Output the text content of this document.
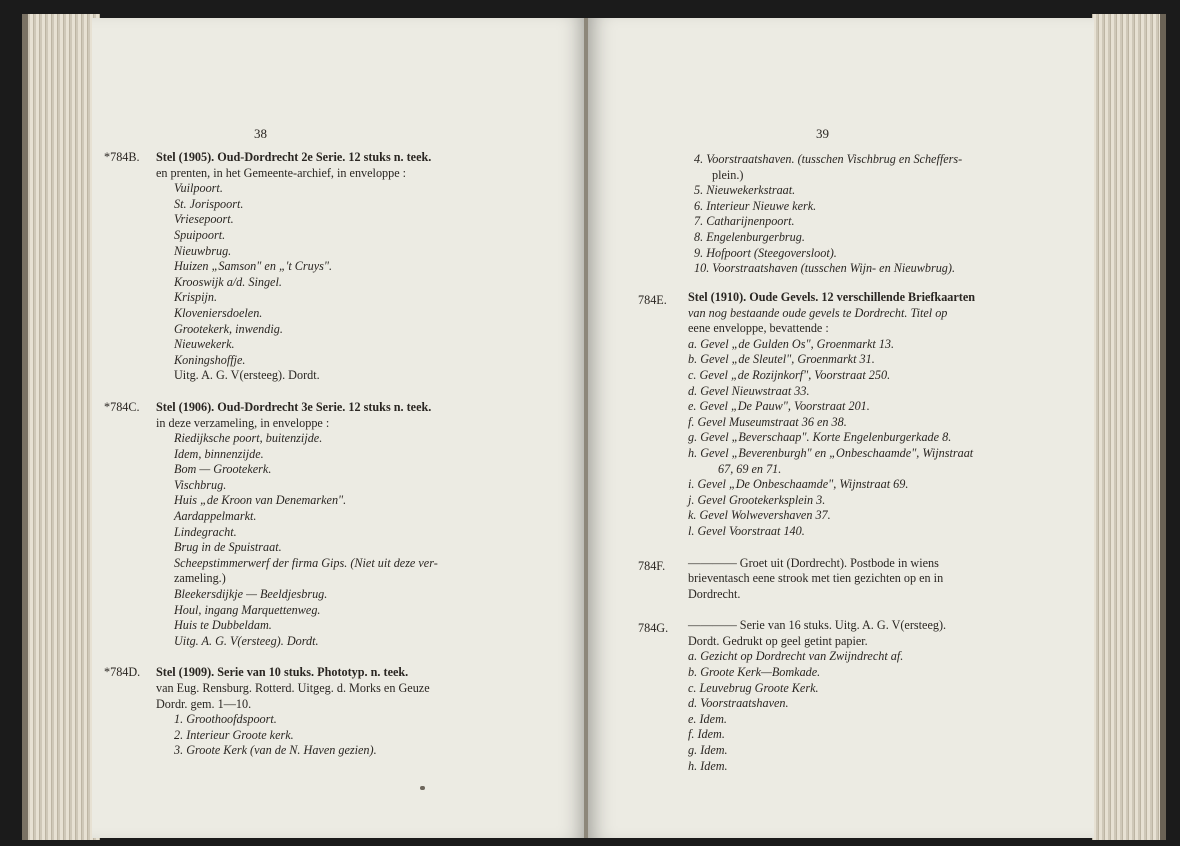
38
*784B. Stel (1905). Oud-Dordrecht 2e Serie. 12 stuks n. teek.
en prenten, in het Gemeente-archief, in enveloppe :
Vuilpoort.
St. Jorispoort.
Vriesepoort.
Spuipoort.
Nieuwbrug.
Huizen „Samson" en „'t Cruys".
Krooswijk a/d. Singel.
Krispijn.
Kloveniersdoelen.
Grootekerk, inwendig.
Nieuwekerk.
Koningshoffje.
Uitg. A. G. V(ersteeg). Dordt.
*784C. Stel (1906). Oud-Dordrecht 3e Serie. 12 stuks n. teek.
in deze verzameling, in enveloppe :
Riedijksche poort, buitenzijde.
Idem, binnenzijde.
Bom — Grootekerk.
Vischbrug.
Huis „de Kroon van Denemarken".
Aardappelmarkt.
Lindegracht.
Brug in de Spuistraat.
Scheepstimmerwerf der firma Gips. (Niet uit deze ver-
zameling.)
Bleekersdijkje — Beeldjesbrug.
Houl, ingang Marquettenweg.
Huis te Dubbeldam.
Uitg. A. G. V(ersteeg). Dordt.
*784D. Stel (1909). Serie van 10 stuks. Phototyp. n. teek.
van Eug. Rensburg. Rotterd. Uitgeg. d. Morks en Geuze
Dordr. gem. 1—10.
1. Groothoofdspoort.
2. Interieur Groote kerk.
3. Groote Kerk (van de N. Haven gezien).
39
4. Voorstraatshaven. (tusschen Vischbrug en Scheffers-
plein.)
5. Nieuwekerkstraat.
6. Interieur Nieuwe kerk.
7. Catharijnenpoort.
8. Engelenburgerbrug.
9. Hofpoort (Steegoversloot).
10. Voorstraatshaven (tusschen Wijn- en Nieuwbrug).
784E. Stel (1910). Oude Gevels. 12 verschillende Briefkaarten
van nog bestaande oude gevels te Dordrecht. Titel op
eene enveloppe, bevattende :
a. Gevel „de Gulden Os", Groenmarkt 13.
b. Gevel „de Sleutel", Groenmarkt 31.
c. Gevel „de Rozijnkorf", Voorstraat 250.
d. Gevel Nieuwstraat 33.
e. Gevel „De Pauw", Voorstraat 201.
f. Gevel Museumstraat 36 en 38.
g. Gevel „Beverschaap". Korte Engelenburgerkade 8.
h. Gevel „Beverenburgh" en „Onbeschaamde", Wijnstraat
67, 69 en 71.
i. Gevel „De Onbeschaamde", Wijnstraat 69.
j. Gevel Grootekerksplein 3.
k. Gevel Wolwevershaven 37.
l. Gevel Voorstraat 140.
784F. ———— Groet uit (Dordrecht). Postbode in wiens
brieventasch eene strook met tien gezichten op en in
Dordrecht.
784G. ———— Serie van 16 stuks. Uitg. A. G. V(ersteeg).
Dordt. Gedrukt op geel getint papier.
a. Gezicht op Dordrecht van Zwijndrecht af.
b. Groote Kerk—Bomkade.
c. Leuvebrug Groote Kerk.
d. Voorstraatshaven.
e. Idem.
f. Idem.
g. Idem.
h. Idem.
